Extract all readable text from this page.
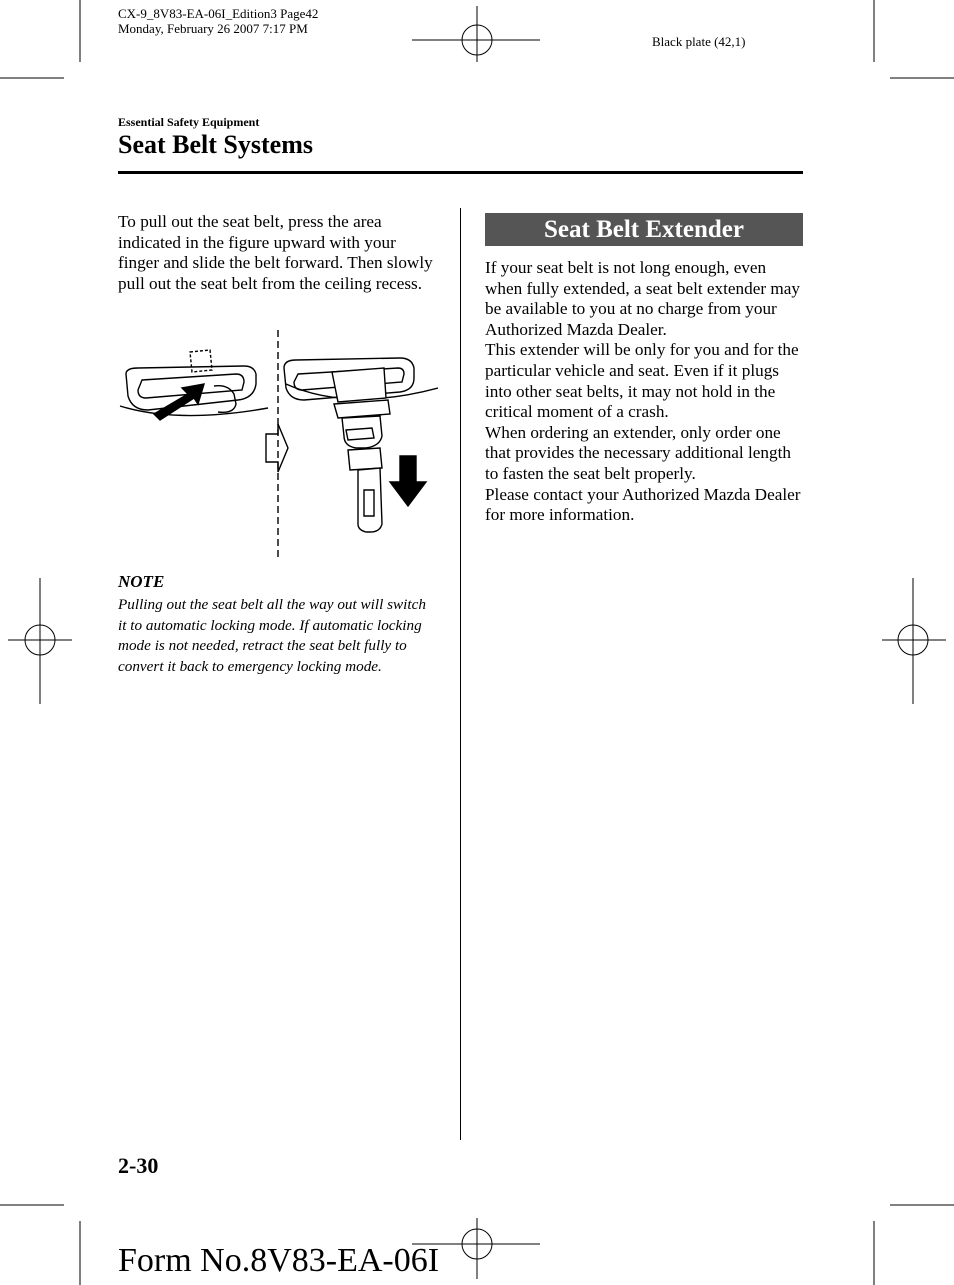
CX-9_8V83-EA-06I_Edition3 Page42
Monday, February 26 2007 7:17 PM
Black plate (42,1)
Essential Safety Equipment
Seat Belt Systems
To pull out the seat belt, press the area indicated in the figure upward with your finger and slide the belt forward. Then slowly pull out the seat belt from the ceiling recess.
NOTE
Pulling out the seat belt all the way out will switch it to automatic locking mode. If automatic locking mode is not needed, retract the seat belt fully to convert it back to emergency locking mode.
Seat Belt Extender
If your seat belt is not long enough, even when fully extended, a seat belt extender may be available to you at no charge from your Authorized Mazda Dealer.
This extender will be only for you and for the particular vehicle and seat. Even if it plugs into other seat belts, it may not hold in the critical moment of a crash.
When ordering an extender, only order one that provides the necessary additional length to fasten the seat belt properly.
Please contact your Authorized Mazda Dealer for more information.
2-30
Form No.8V83-EA-06I
